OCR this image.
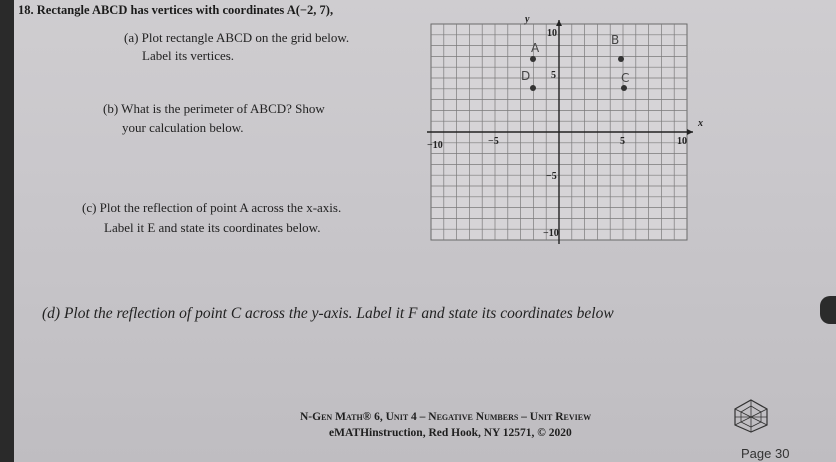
18. Rectangle ABCD has vertices with coordinates A(−2, 7),
(a) Plot rectangle ABCD on the grid below.
Label its vertices.
(b) What is the perimeter of ABCD? Show
your calculation below.
(c) Plot the reflection of point A across the x-axis.
Label it E and state its coordinates below.
(d) Plot the reflection of point C across the y-axis. Label it F and state its coordinates below
10
5
−5
−10
−10	−5	5	10
x
y
A
B
C
D
N-Gen Math® 6, Unit 4 – Negative Numbers – Unit Review
eMATHinstruction, Red Hook, NY 12571, © 2020
Page 30
